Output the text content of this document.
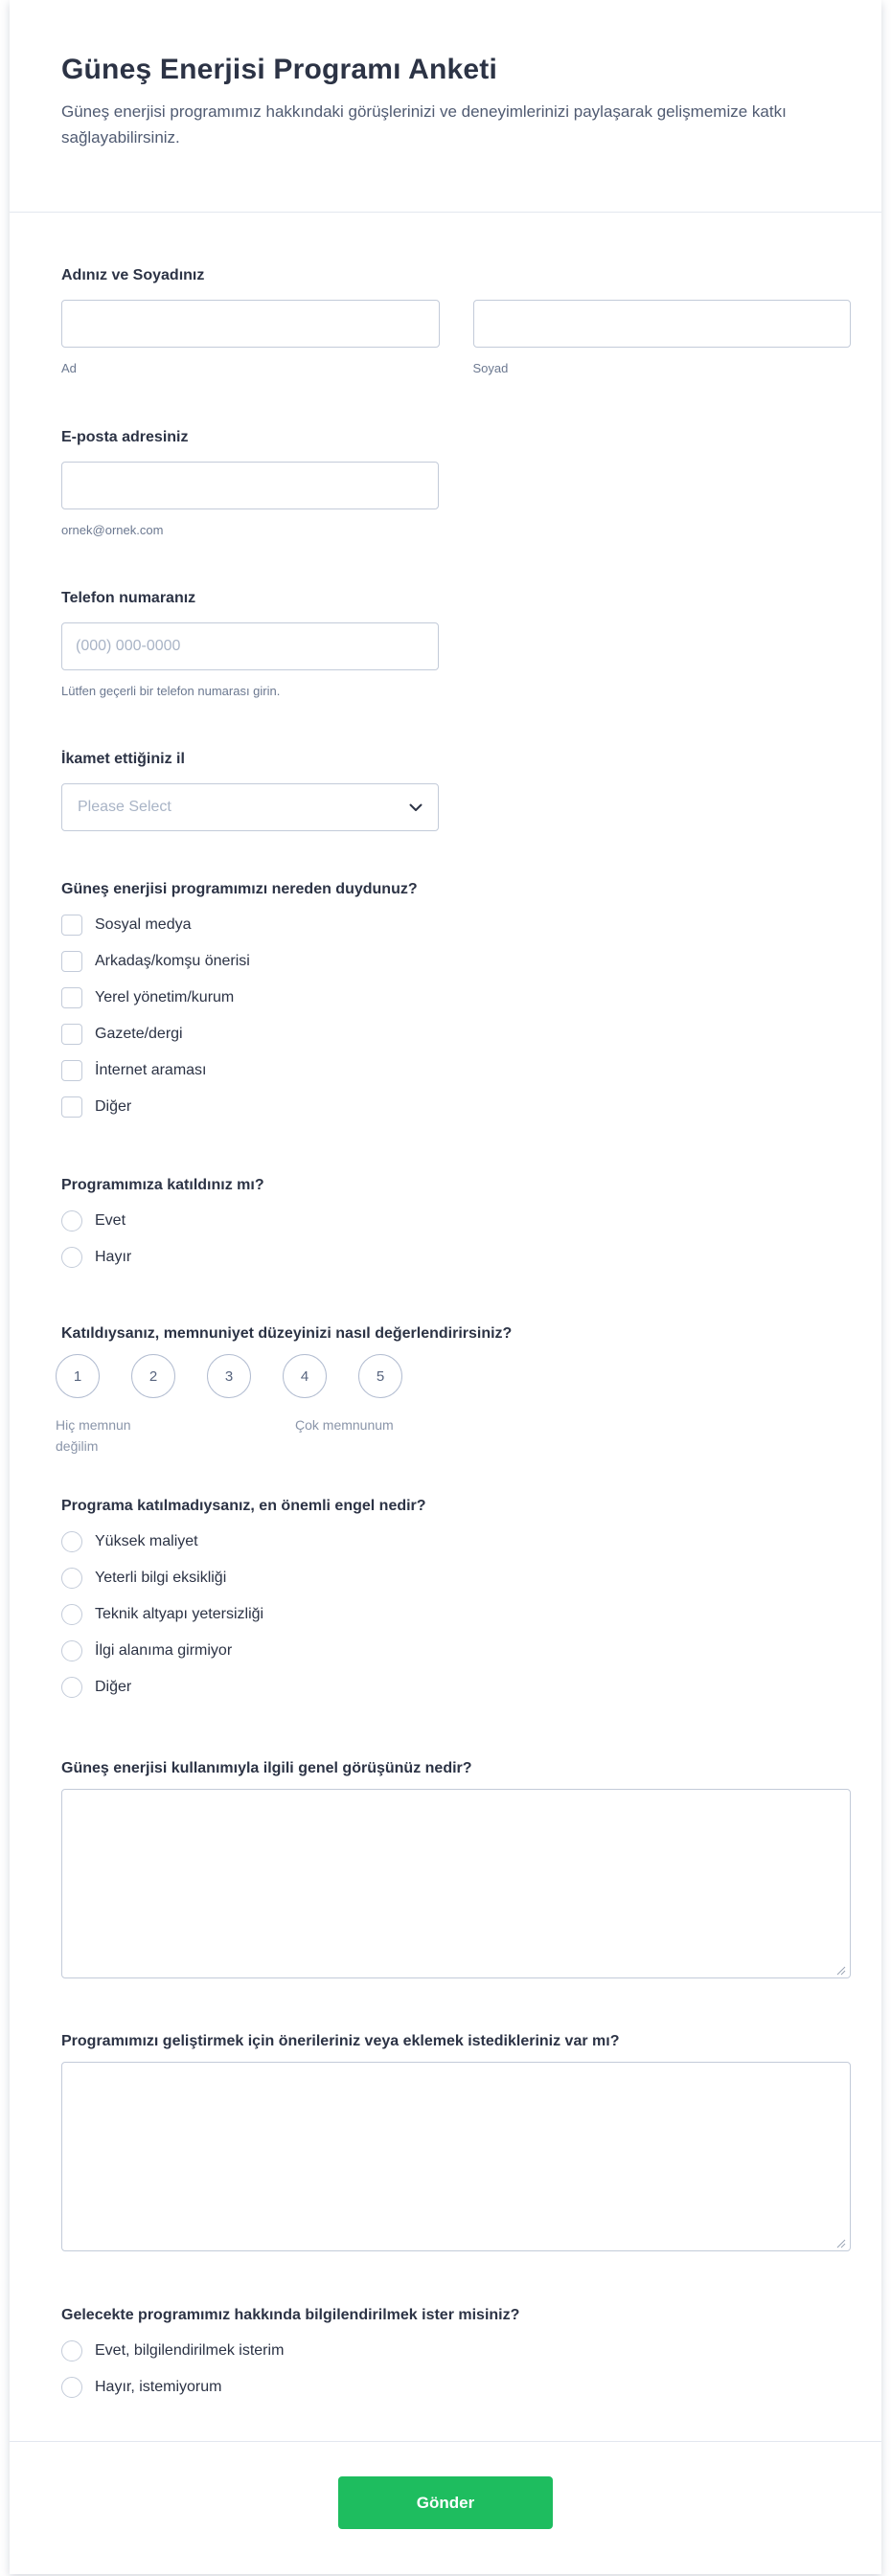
Güneş Enerjisi Programı Anketi

Güneş enerjisi programımız hakkındaki görüşlerinizi ve deneyimlerinizi paylaşarak gelişmemize katkı sağlayabilirsiniz.

Adınız ve Soyadınız
Ad	Soyad
E-posta adresiniz
ornek@ornek.com
Telefon numaranız
(000) 000-0000
Lütfen geçerli bir telefon numarası girin.
İkamet ettiğiniz il
Please Select
Güneş enerjisi programımızı nereden duydunuz?
Sosyal medya
Arkadaş/komşu önerisi
Yerel yönetim/kurum
Gazete/dergi
İnternet araması
Diğer
Programımıza katıldınız mı?
Evet
Hayır
Katıldıysanız, memnuniyet düzeyinizi nasıl değerlendirirsiniz?
1	2	3	4	5
Hiç memnun değilim
Çok memnunum
Programa katılmadıysanız, en önemli engel nedir?
Yüksek maliyet
Yeterli bilgi eksikliği
Teknik altyapı yetersizliği
İlgi alanıma girmiyor
Diğer
Güneş enerjisi kullanımıyla ilgili genel görüşünüz nedir?
Programımızı geliştirmek için önerileriniz veya eklemek istedikleriniz var mı?
Gelecekte programımız hakkında bilgilendirilmek ister misiniz?
Evet, bilgilendirilmek isterim
Hayır, istemiyorum
Gönder
